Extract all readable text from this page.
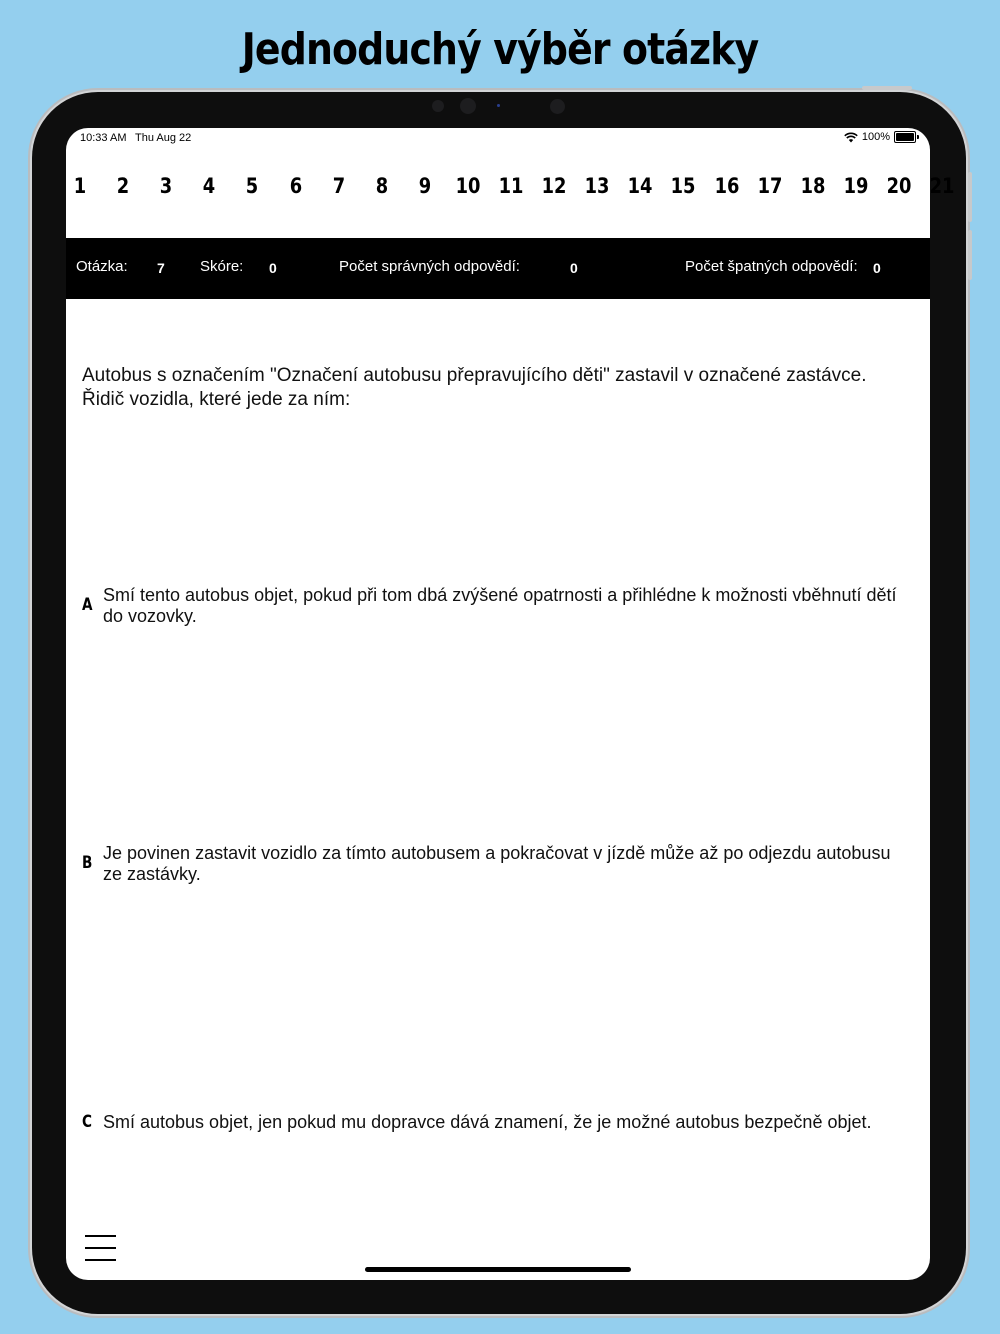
Jednoduchý výběr otázky
10:33 AM Thu Aug 22	100%
1	2	3	4	5	6	7	8	9	10 11 12 13 14 15 16 17 18 19 20 21
Otázka: 7 Skóre: 0	Počet správných odpovědí:	0	Počet špatných odpovědí: 0
Autobus s označením "Označení autobusu přepravujícího děti" zastavil v označené zastávce. Řidič vozidla, které jede za ním:
A Smí tento autobus objet, pokud při tom dbá zvýšené opatrnosti a přihlédne k možnosti vběhnutí dětí do vozovky.
B Je povinen zastavit vozidlo za tímto autobusem a pokračovat v jízdě může až po odjezdu autobusu ze zastávky.
C Smí autobus objet, jen pokud mu dopravce dává znamení, že je možné autobus bezpečně objet.
